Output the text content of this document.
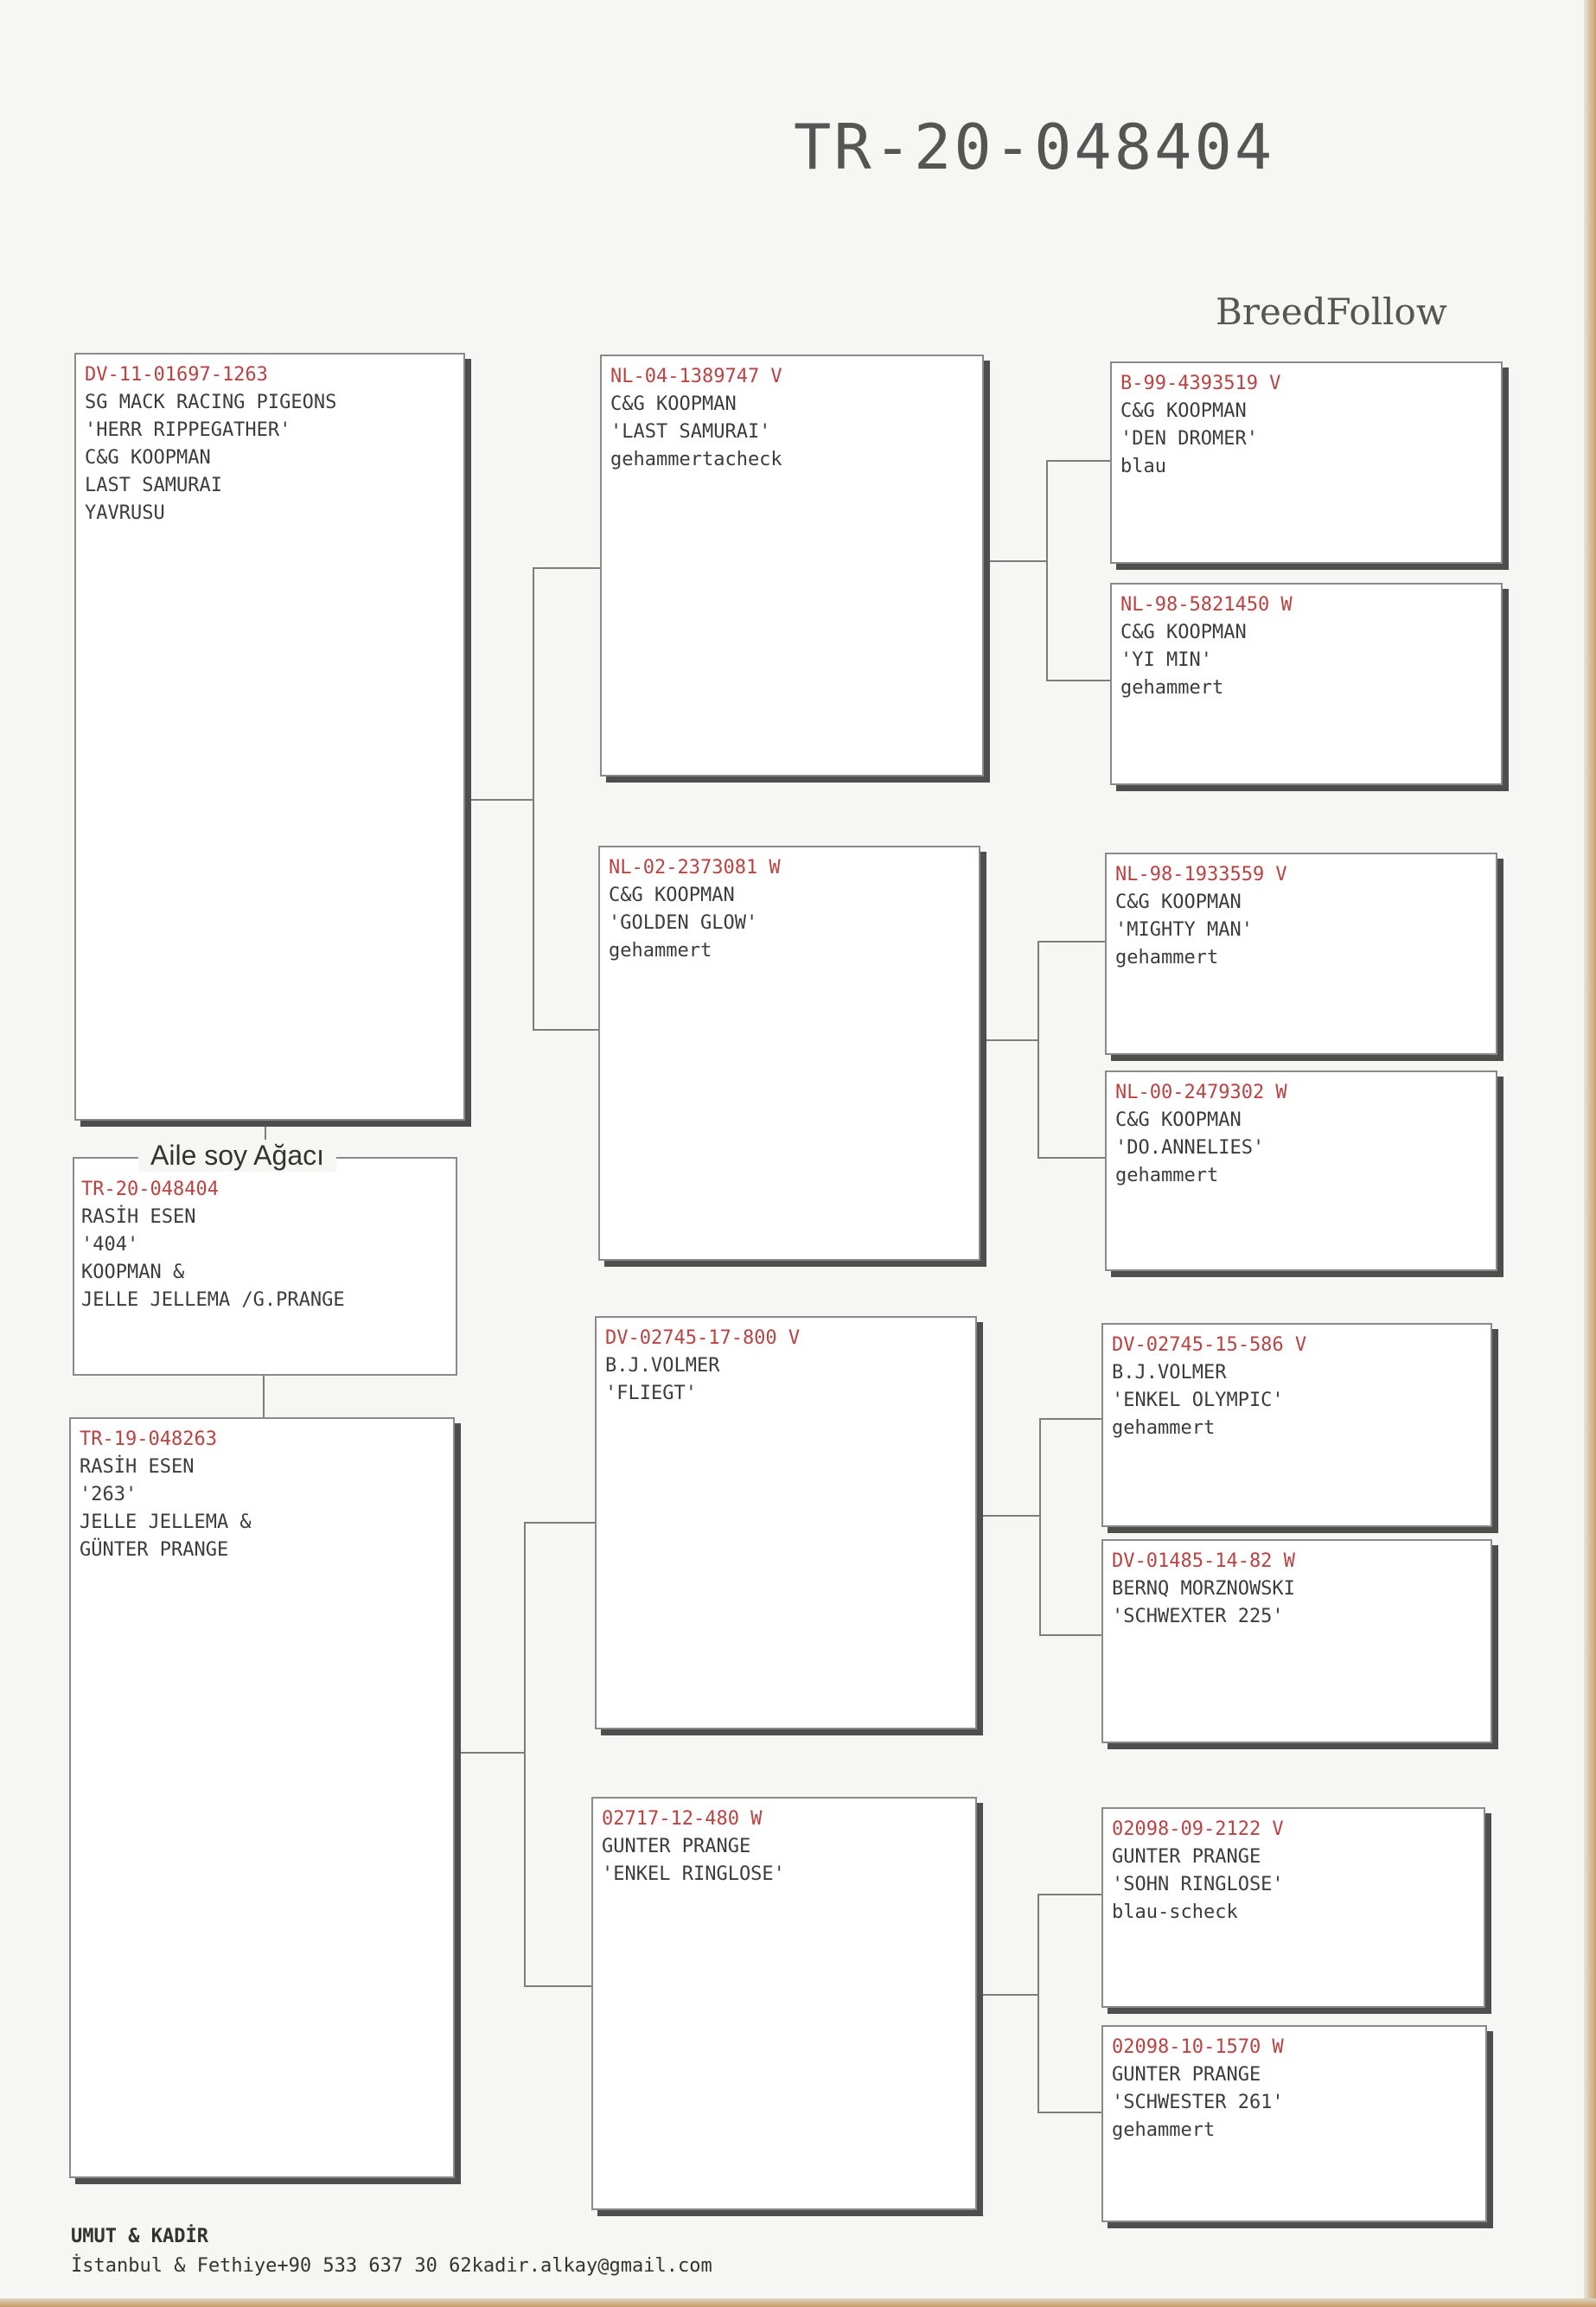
TR-20-048404
BreedFollow
TR-20-048404
RASİH ESEN
'404'
KOOPMAN &
JELLE JELLEMA /G.PRANGE
Aile soy Ağacı
DV-11-01697-1263
SG MACK RACING PIGEONS
'HERR RIPPEGATHER'
C&G KOOPMAN
LAST SAMURAI
YAVRUSU
TR-19-048263
RASİH ESEN
'263'
JELLE JELLEMA &
GÜNTER PRANGE
NL-04-1389747 V
C&G KOOPMAN
'LAST SAMURAI'
gehammertacheck
NL-02-2373081 W
C&G KOOPMAN
'GOLDEN GLOW'
gehammert
DV-02745-17-800 V
B.J.VOLMER
'FLIEGT'
02717-12-480 W
GUNTER PRANGE
'ENKEL RINGLOSE'
B-99-4393519 V
C&G KOOPMAN
'DEN DROMER'
blau
NL-98-5821450 W
C&G KOOPMAN
'YI MIN'
gehammert
NL-98-1933559 V
C&G KOOPMAN
'MIGHTY MAN'
gehammert
NL-00-2479302 W
C&G KOOPMAN
'DO.ANNELIES'
gehammert
DV-02745-15-586 V
B.J.VOLMER
'ENKEL OLYMPIC'
gehammert
DV-01485-14-82 W
BERNQ MORZNOWSKI
'SCHWEXTER 225'
02098-09-2122 V
GUNTER PRANGE
'SOHN RINGLOSE'
blau-scheck
02098-10-1570 W
GUNTER PRANGE
'SCHWESTER 261'
gehammert
UMUT & KADİR
İstanbul & Fethiye+90 533 637 30 62kadir.alkay@gmail.com
